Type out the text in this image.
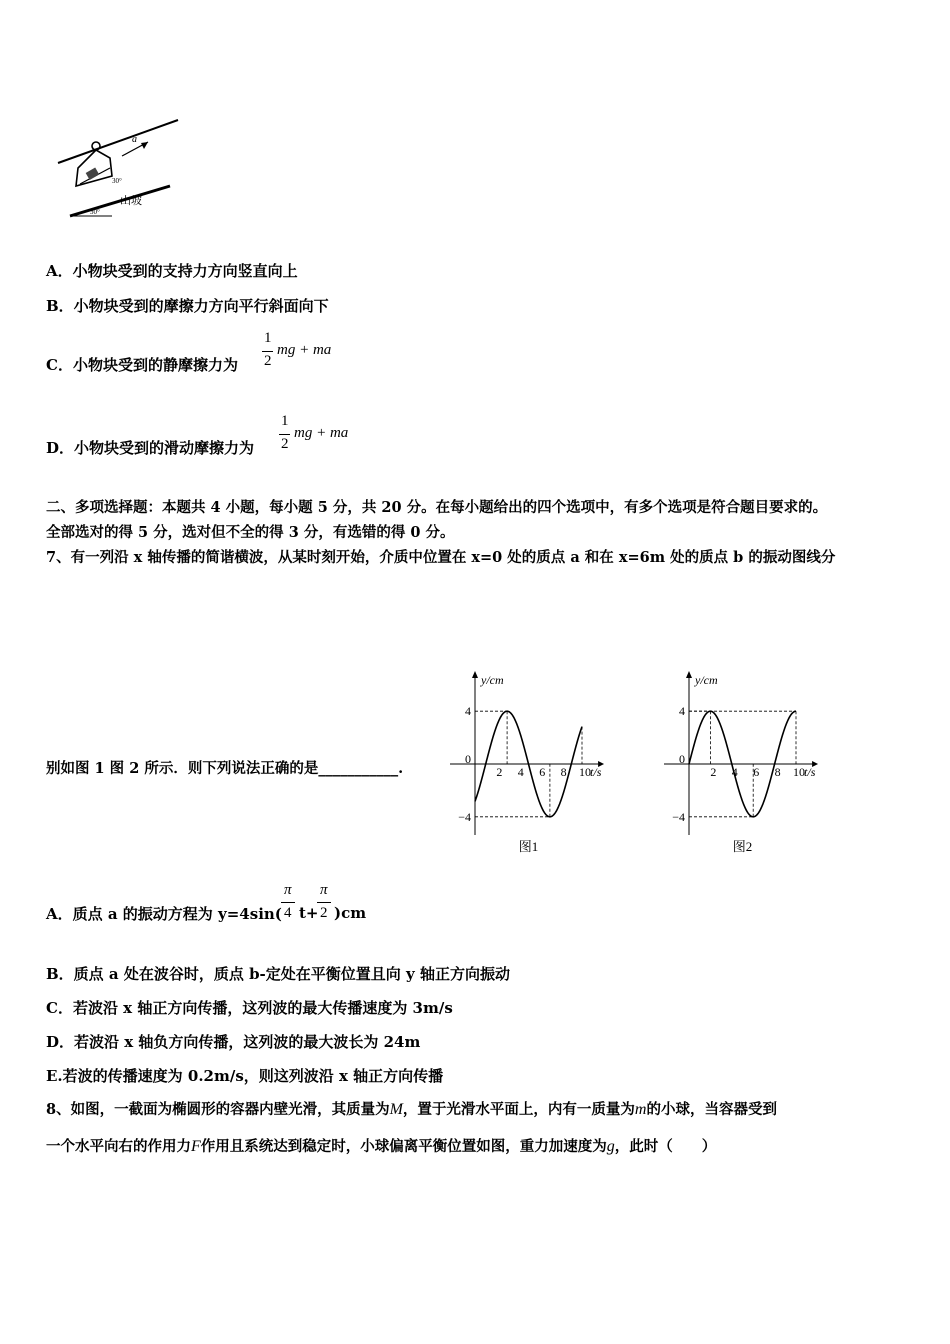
a
30°
30°
山坡
A．小物块受到的支持力方向竖直向上
B．小物块受到的摩擦力方向平行斜面向下
C．小物块受到的静摩擦力为
1
2
mg + ma
D．小物块受到的滑动摩擦力为
1
2
mg + ma
二、多项选择题：本题共 4 小题，每小题 5 分，共 20 分。在每小题给出的四个选项中，有多个选项是符合题目要求的。
全部选对的得 5 分，选对但不全的得 3 分，有选错的得 0 分。
7、有一列沿 x 轴传播的简谐横波，从某时刻开始，介质中位置在 x=0 处的质点 a 和在 x=6m 处的质点 b 的振动图线分
别如图 1 图 2 所示．则下列说法正确的是___________.
y/cm
t/s
4
0
−4
2 4 6 8 10
图1
y/cm
t/s
4
0
−4
2 4 6 8 10
图2
A．质点 a 的振动方程为 y=4sin(
π
4 t+
π
2 )cm
B．质点 a 处在波谷时，质点 b-定处在平衡位置且向 y 轴正方向振动
C．若波沿 x 轴正方向传播，这列波的最大传播速度为 3m/s
D．若波沿 x 轴负方向传播，这列波的最大波长为 24m
E.若波的传播速度为 0.2m/s，则这列波沿 x 轴正方向传播
8、如图，一截面为椭圆形的容器内壁光滑，其质量为M，置于光滑水平面上，内有一质量为m的小球，当容器受到
一个水平向右的作用力F作用且系统达到稳定时，小球偏离平衡位置如图，重力加速度为g，此时（　　）
